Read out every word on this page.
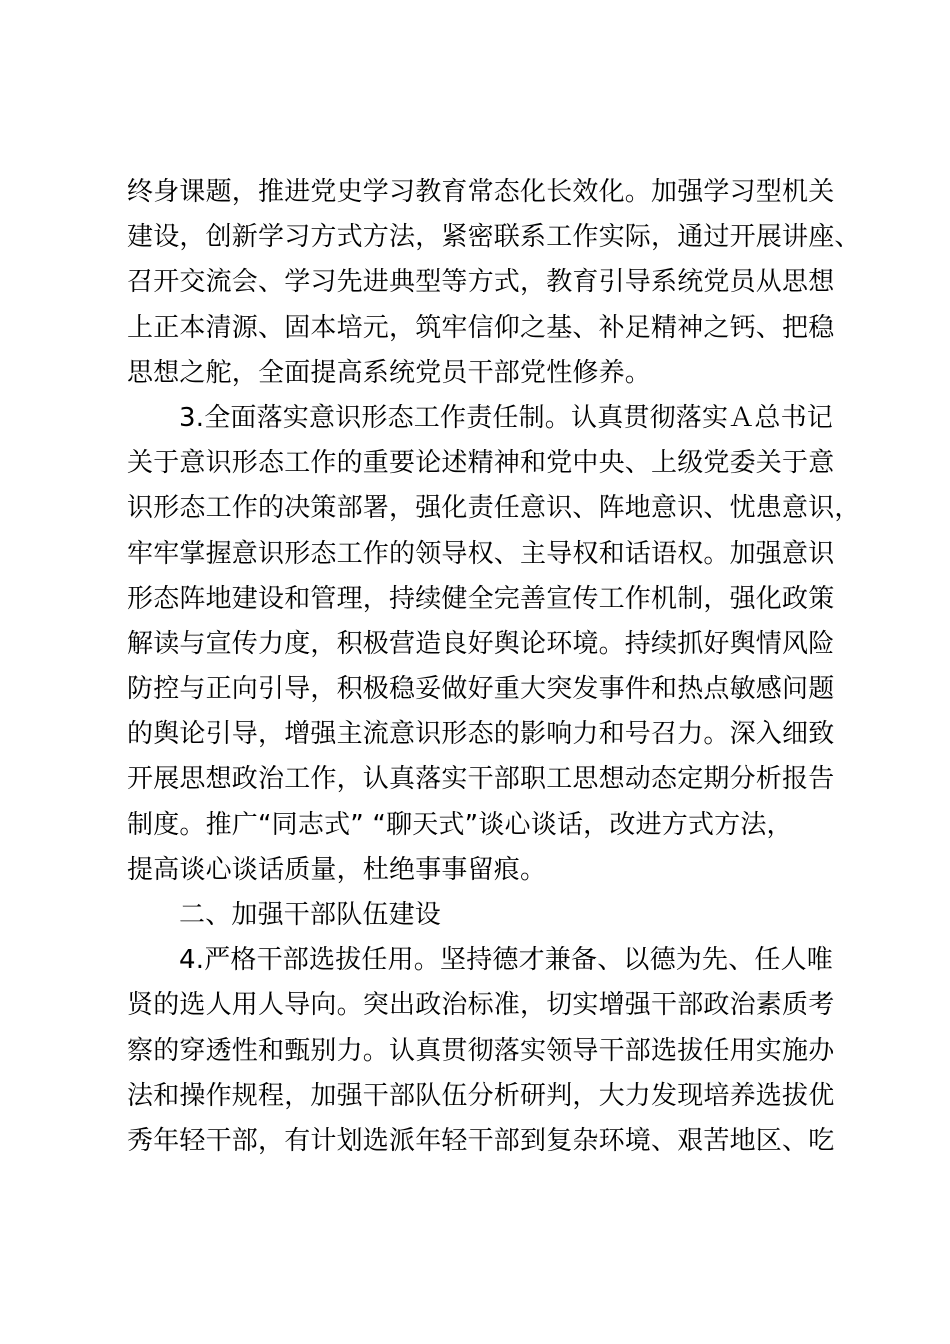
终身课题，推进党史学习教育常态化长效化。加强学习型机关
建设，创新学习方式方法，紧密联系工作实际，通过开展讲座、
召开交流会、学习先进典型等方式，教育引导系统党员从思想
上正本清源、固本培元，筑牢信仰之基、补足精神之钙、把稳
思想之舵，全面提高系统党员干部党性修养。
3.全面落实意识形态工作责任制。认真贯彻落实Ａ总书记
关于意识形态工作的重要论述精神和党中央、上级党委关于意
识形态工作的决策部署，强化责任意识、阵地意识、忧患意识，
牢牢掌握意识形态工作的领导权、主导权和话语权。加强意识
形态阵地建设和管理，持续健全完善宣传工作机制，强化政策
解读与宣传力度，积极营造良好舆论环境。持续抓好舆情风险
防控与正向引导，积极稳妥做好重大突发事件和热点敏感问题
的舆论引导，增强主流意识形态的影响力和号召力。深入细致
开展思想政治工作，认真落实干部职工思想动态定期分析报告
制度。推广“同志式” “聊天式”谈心谈话，改进方式方法，
提高谈心谈话质量，杜绝事事留痕。
二、加强干部队伍建设
4.严格干部选拔任用。坚持德才兼备、以德为先、任人唯
贤的选人用人导向。突出政治标准，切实增强干部政治素质考
察的穿透性和甄别力。认真贯彻落实领导干部选拔任用实施办
法和操作规程，加强干部队伍分析研判，大力发现培养选拔优
秀年轻干部，有计划选派年轻干部到复杂环境、艰苦地区、吃
